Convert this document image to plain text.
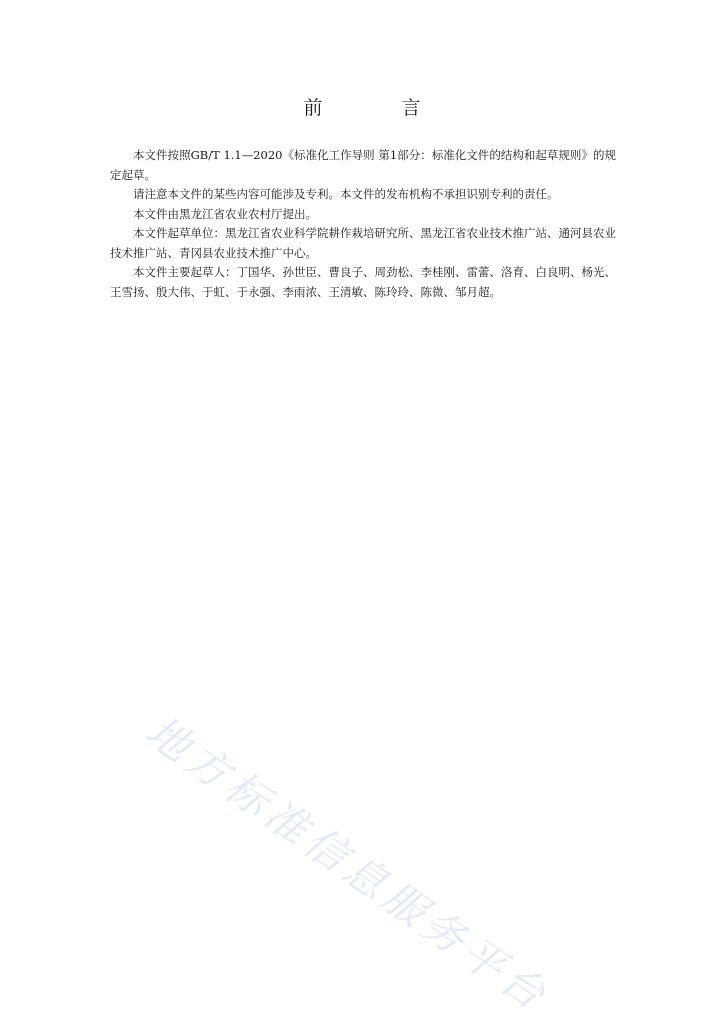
前　言

本文件按照GB/T 1.1—2020《标准化工作导则 第1部分：标准化文件的结构和起草规则》的规定起草。

请注意本文件的某些内容可能涉及专利。本文件的发布机构不承担识别专利的责任。

本文件由黑龙江省农业农村厅提出。

本文件起草单位：黑龙江省农业科学院耕作栽培研究所、黑龙江省农业技术推广站、通河县农业技术推广站、青冈县农业技术推广中心。

本文件主要起草人：丁国华、孙世臣、曹良子、周劲松、李桂刚、雷蕾、洛育、白良明、杨光、王雪扬、殷大伟、于虹、于永强、李雨浓、王清敏、陈玲玲、陈微、邹月超。

地方标准信息服务平台
